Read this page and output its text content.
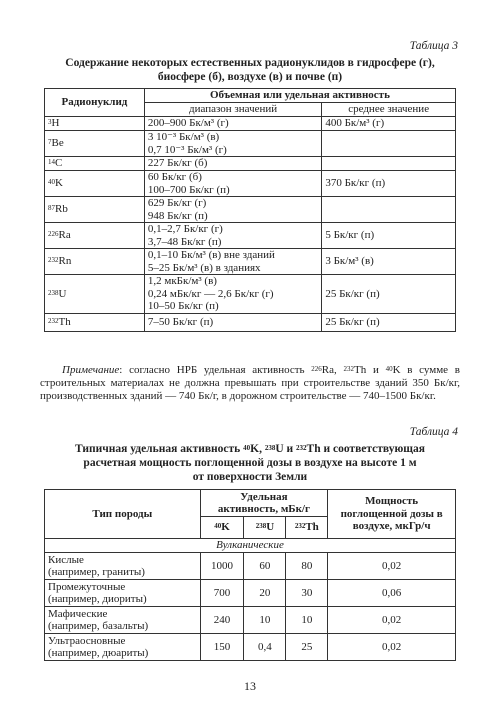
Таблица 3
Содержание некоторых естественных радионуклидов в гидросфере (г),
биосфере (б), воздухе (в) и почве (п)
Радионуклид	Объемная или удельная активность	
	диапазон значений	среднее значение
$^3$H	200–900 Бк/м³ (г)	400 Бк/м³ (г)
$^7$Be	3 10⁻³ Бк/м³ (в)
0,7 10⁻³ Бк/м³ (г)	

$^{14}$C	227 Бк/кг (б)	

$^{40}$K	60 Бк/кг (б)
100–700 Бк/кг (п)	370 Бк/кг (п)
$^{87}$Rb	629 Бк/кг (г)
948 Бк/кг (п)	

$^{226}$Ra	0,1–2,7 Бк/кг (г)
3,7–48 Бк/кг (п)	5 Бк/кг (п)
$^{232}$Rn	0,1–10 Бк/м³ (в) вне зданий
5–25 Бк/м³ (в) в зданиях	3 Бк/м³ (в)
$^{238}$U	1,2 мкБк/м³ (в)
0,24 мБк/кг — 2,6 Бк/кг (г)
10–50 Бк/кг (п)	25 Бк/кг (п)
$^{232}$Th	7–50 Бк/кг (п)	25 Бк/кг (п)
Примечание: согласно НРБ удельная активность $^{226}$Ra, $^{232}$Th и $^{40}$K в сумме в строительных материалах не должна превышать при строительстве зданий 350 Бк/кг, производственных зданий — 740 Бк/г, в дорожном строительстве — 740–1500 Бк/кг.
Таблица 4
Типичная удельная активность $^{40}$K, $^{238}$U и $^{232}$Th и соответствующая
расчетная мощность поглощенной дозы в воздухе на высоте 1 м
от поверхности Земли
Тип породы	Удельная
активность, мБк/г			Мощность поглощенной дозы в воздухе, мкГр/ч
	$^{40}$K	$^{238}$U	$^{232}$Th	
Вулканические				

Кислые
(например, граниты)	1000	60	80	0,02

Промежуточные
(например, диориты)	700	20	30	0,06

Мафические
(например, базальты)	240	10	10	0,02

Ультраосновные
(например, дюариты)	150	0,4	25	0,02
13
